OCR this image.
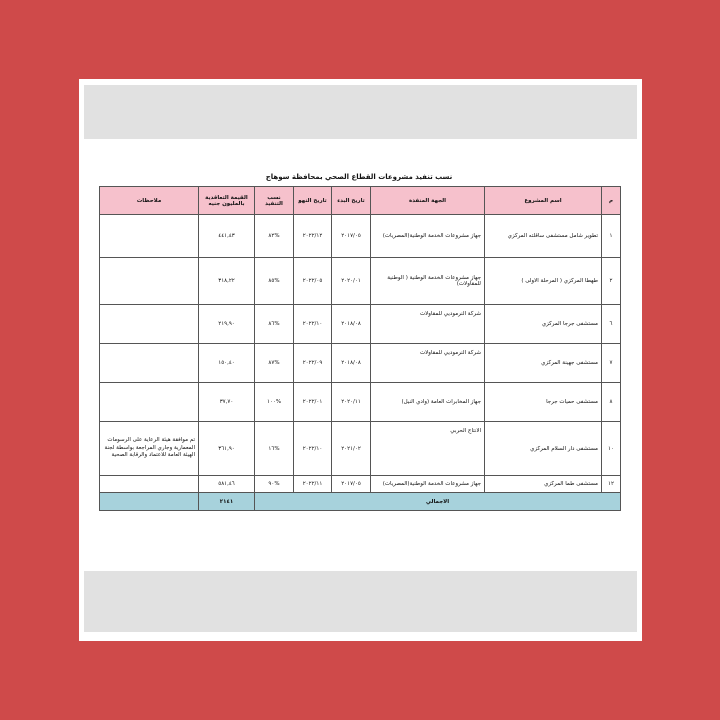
نسب تنفيذ مشروعات القطاع الصحي بمحافظة سوهاج
م	اسم المشروع	الجهة المنفذة	تاريخ البدء	تاريخ النهو	نسب التنفيذ	القيمة التعاقدية بالمليون جنيه	ملاحظات
١	تطوير شامل مستشفى ساقلته المركزي	جهاز مشروعات الخدمة الوطنية(المصريات)	٢٠١٧/٠٥	٢٠٢٢/١٢	%٨٢	٤٤١,٤٣	
٢	طهطا المركزي ( المرحلة الاولى )	جهاز مشروعات الخدمة الوطنية ( الوطنية للمقاولات)	٢٠٢٠/٠١	٢٠٢٢/٠٥	%٨٥	٣١٨,٢٢	
٦	مستشفى جرجا المركزي	شركة النرموديي للمقاولات	٢٠١٨/٠٨	٢٠٢٢/١٠	%٨٦	٢١٩,٩٠	
٧	مستشفى جهينة المركزي	شركة النرموديي للمقاولات	٢٠١٨/٠٨	٢٠٢٢/٠٩	%٨٧	١٥٠,٤٠	
٨	مستشفى حميات جرجا	جهاز المخابرات العامة (وادي النيل)	٢٠٢٠/١١	٢٠٢٢/٠١	%١٠٠	٣٧,٧٠	
١٠	مستشفى دار السلام المركزي	الانتاج الحربي	٢٠٢١/٠٢	٢٠٢٢/١٠	%١٦	٣٦١,٩٠	تم موافقة هيئة الرعاية على الرسومات المعمارية وجاري المراجعة بواسطة لجنة الهيئة العامة للاعتماد والرقابة الصحية
١٢	مستشفى طما المركزي	جهاز مشروعات الخدمة الوطنية(المصريات)	٢٠١٧/٠٥	٢٠٢٢/١١	%٩٠	٥٨١,٤٦	
الاجمالي						٢١٤١	
